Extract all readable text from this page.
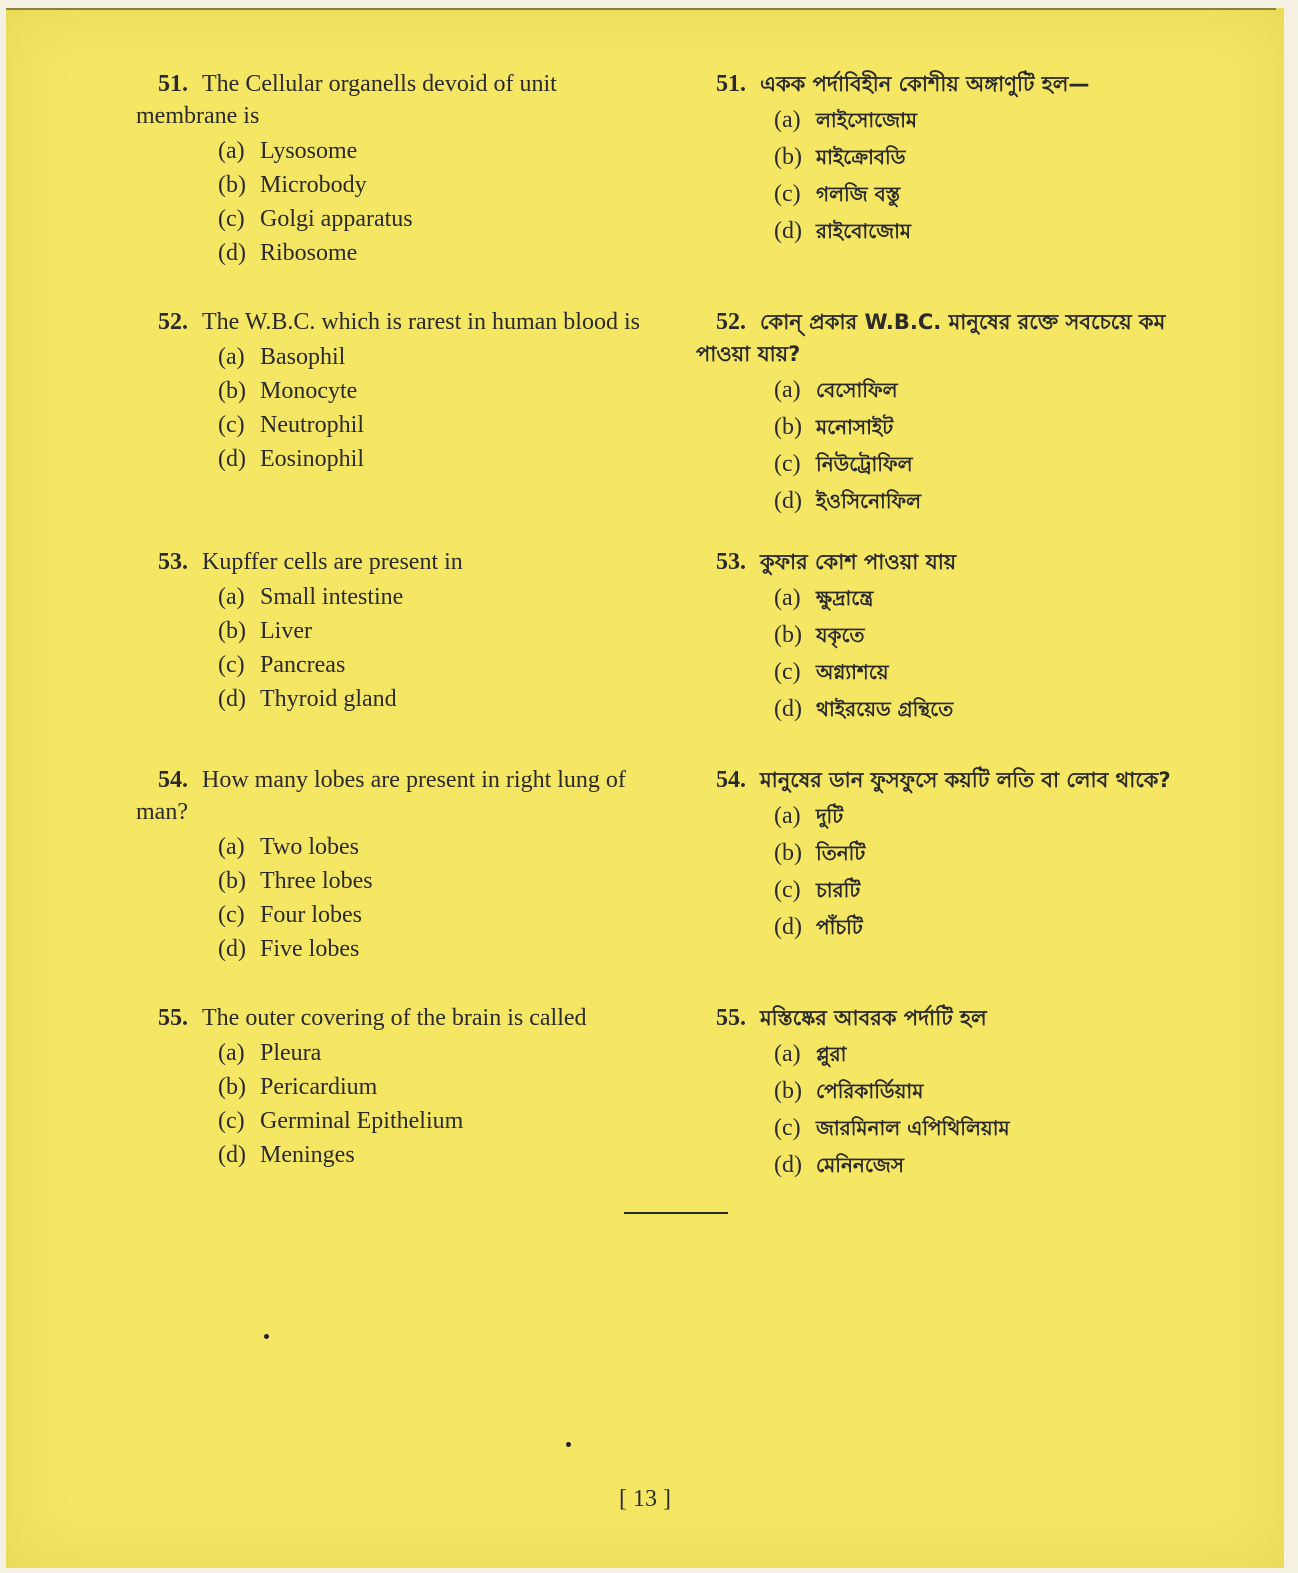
51. The Cellular organells devoid of unit membrane is
(a) Lysosome
(b) Microbody
(c) Golgi apparatus
(d) Ribosome
52. The W.B.C. which is rarest in human blood is
(a) Basophil
(b) Monocyte
(c) Neutrophil
(d) Eosinophil
53. Kupffer cells are present in
(a) Small intestine
(b) Liver
(c) Pancreas
(d) Thyroid gland
54. How many lobes are present in right lung of man?
(a) Two lobes
(b) Three lobes
(c) Four lobes
(d) Five lobes
55. The outer covering of the brain is called
(a) Pleura
(b) Pericardium
(c) Germinal Epithelium
(d) Meninges
51. একক পর্দাবিহীন কোশীয় অঙ্গাণুটি হল—
(a) লাইসোজোম
(b) মাইক্রোবডি
(c) গলজি বস্তু
(d) রাইবোজোম
52. কোন্ প্রকার W.B.C. মানুষের রক্তে সবচেয়ে কম পাওয়া যায়?
(a) বেসোফিল
(b) মনোসাইট
(c) নিউট্রোফিল
(d) ইওসিনোফিল
53. কুফার কোশ পাওয়া যায়
(a) ক্ষুদ্রান্ত্রে
(b) যকৃতে
(c) অগ্ন্যাশয়ে
(d) থাইরয়েড গ্রন্থিতে
54. মানুষের ডান ফুসফুসে কয়টি লতি বা লোব থাকে?
(a) দুটি
(b) তিনটি
(c) চারটি
(d) পাঁচটি
55. মস্তিষ্কের আবরক পর্দাটি হল
(a) প্লুরা
(b) পেরিকার্ডিয়াম
(c) জারমিনাল এপিথিলিয়াম
(d) মেনিনজেস
[ 13 ]
